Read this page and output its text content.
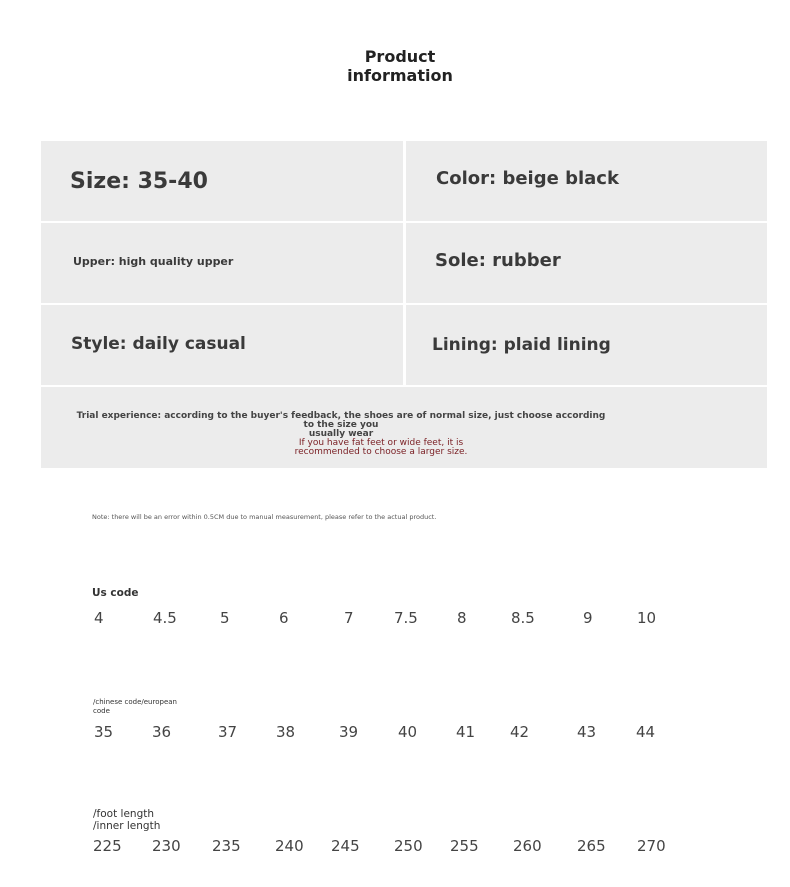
Product
information
Size: 35-40	Color: beige black
Upper: high quality upper	Sole: rubber
Style: daily casual	Lining: plaid lining
Trial experience: according to the buyer's feedback, the shoes are of normal size, just choose according to the size you
usually wear
If you have fat feet or wide feet, it is
recommended to choose a larger size.
Note: there will be an error within 0.5CM due to manual measurement, please refer to the actual product.
Us code
4	4.5	5	6	7	7.5	8	8.5	9	10
/chinese code/european
code
35	36	37	38	39	40	41 42	43	44
/foot length
/inner length
225 230 235 240 245 250 255 260 265 270
